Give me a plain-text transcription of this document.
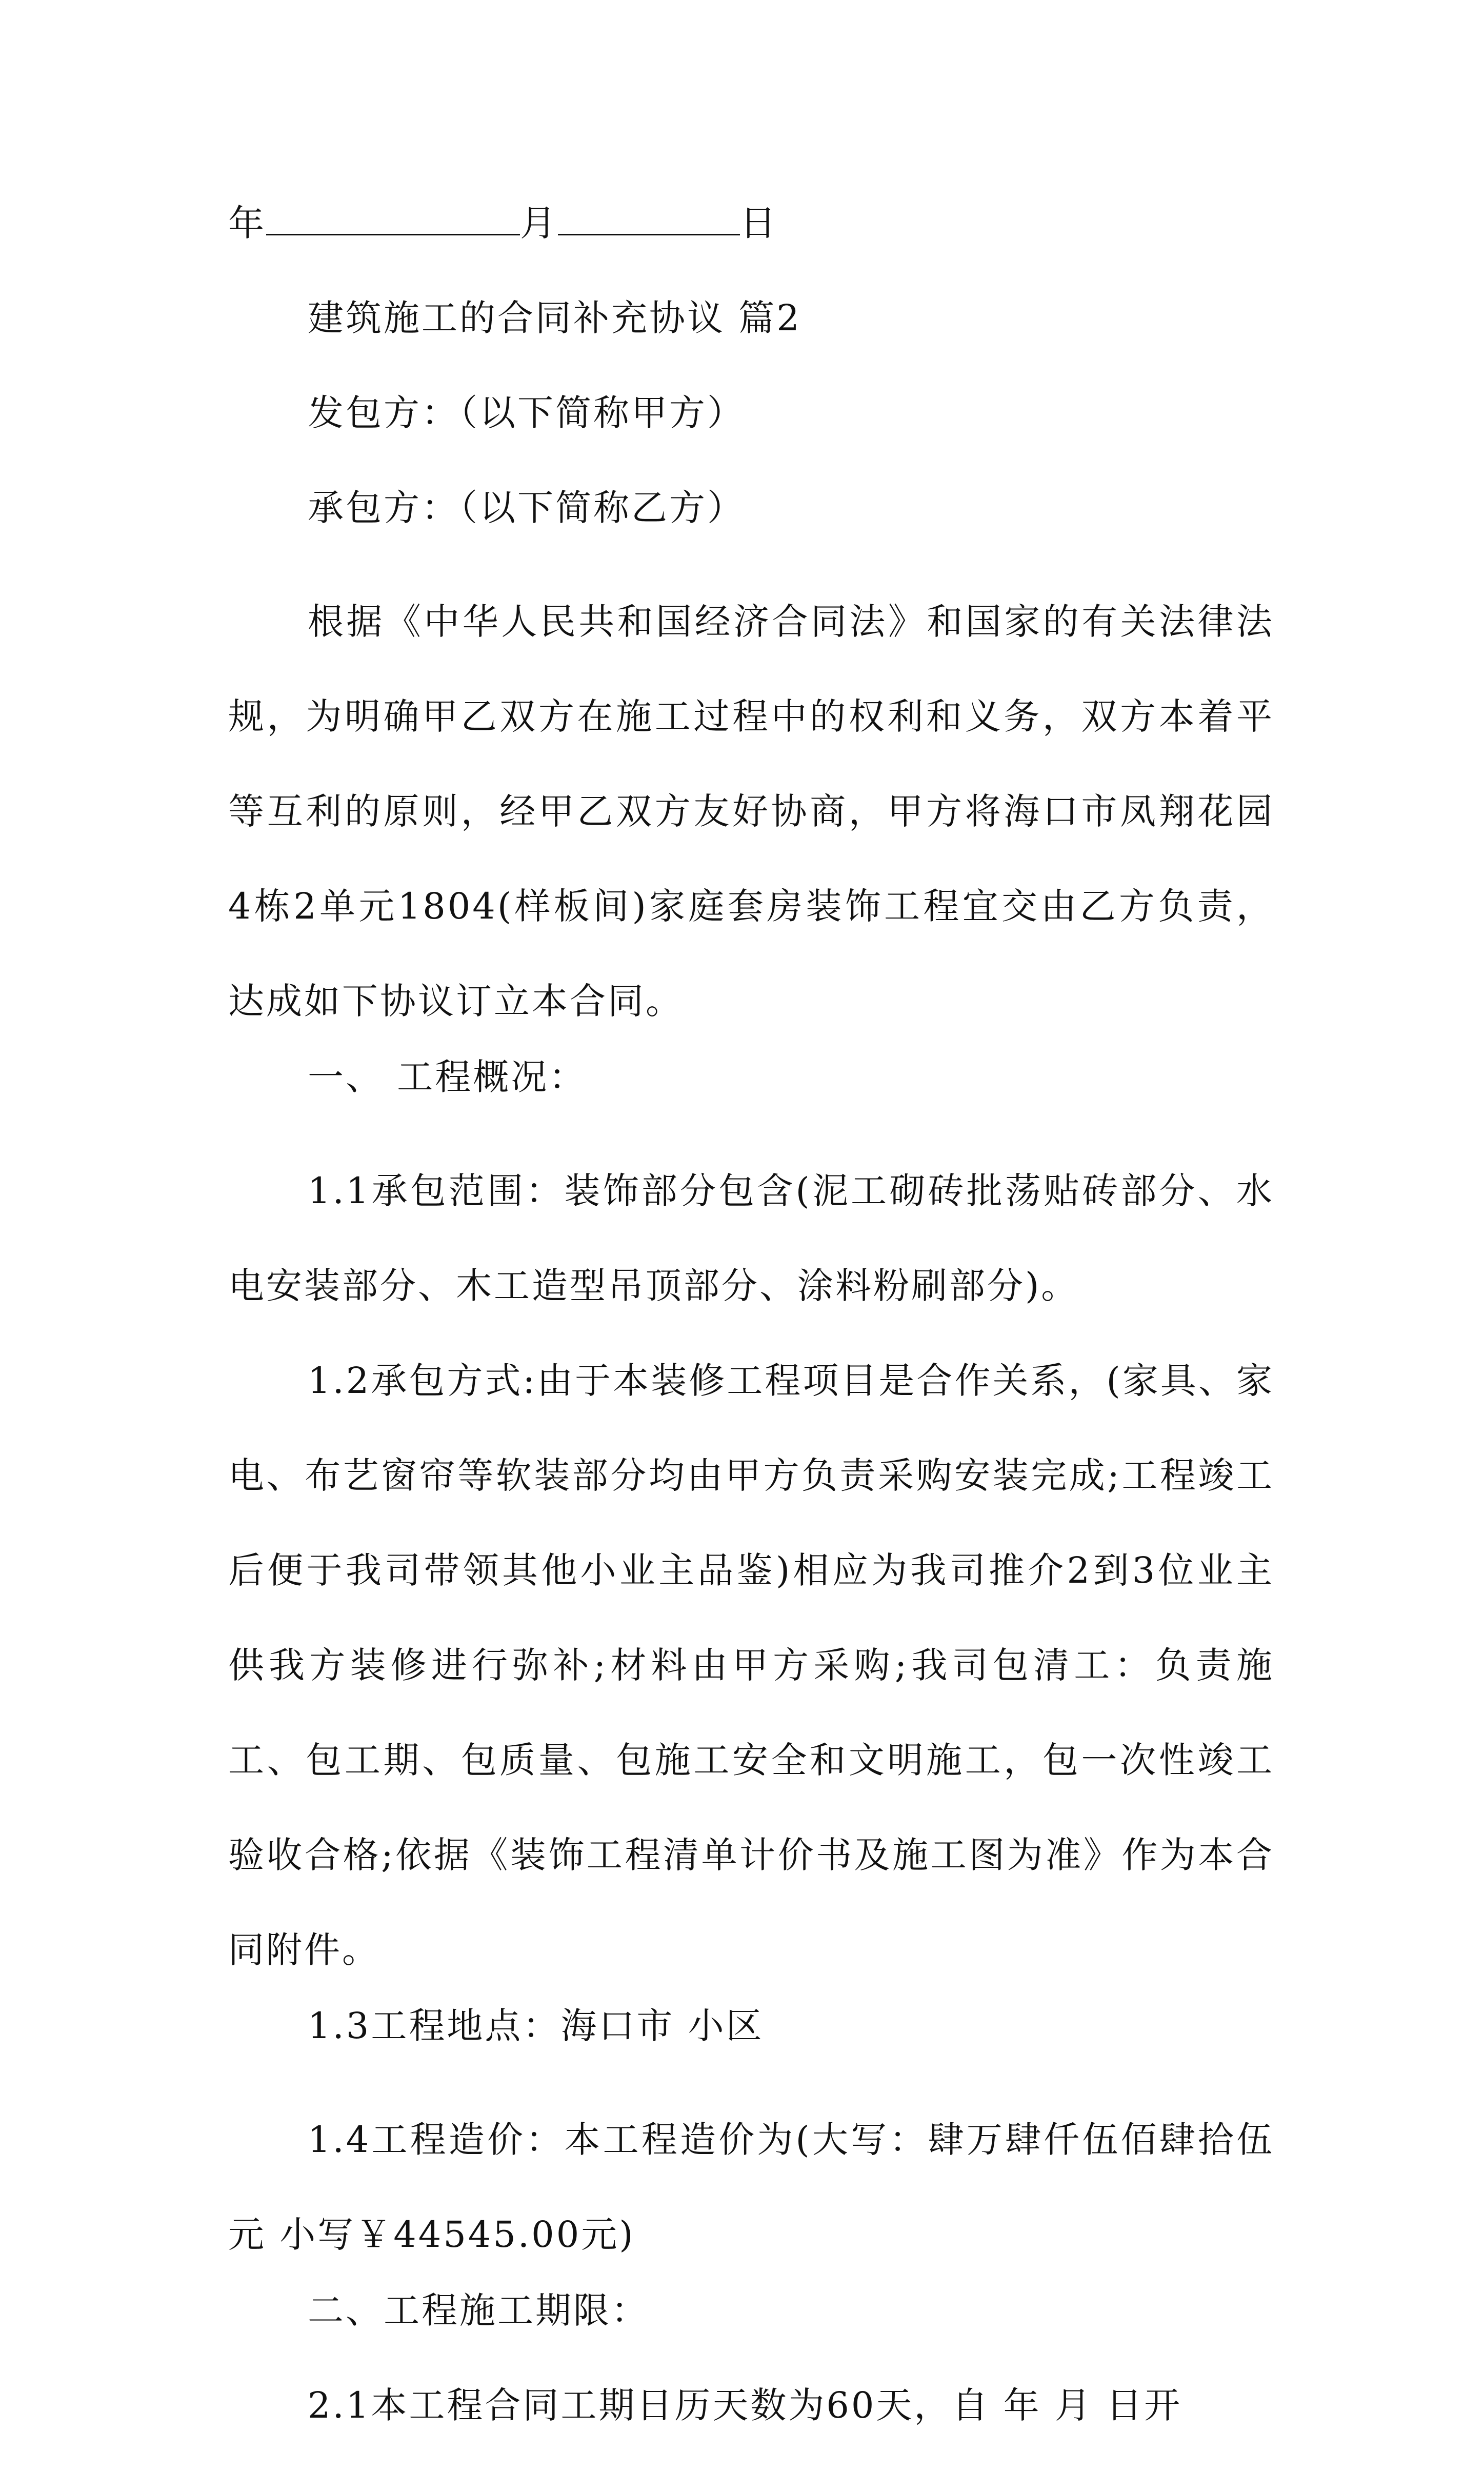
年	月	日
建筑施工的合同补充协议 篇2
发包方：（以下简称甲方）
承包方：（以下简称乙方）
根据《中华人民共和国经济合同法》和国家的有关法律法规，为明确甲乙双方在施工过程中的权利和义务，双方本着平等互利的原则，经甲乙双方友好协商，甲方将海口市凤翔花园4栋2单元1804(样板间)家庭套房装饰工程宜交由乙方负责，达成如下协议订立本合同。
一、 工程概况：
1.1承包范围：装饰部分包含(泥工砌砖批荡贴砖部分、水电安装部分、木工造型吊顶部分、涂料粉刷部分)。
1.2承包方式:由于本装修工程项目是合作关系，(家具、家电、布艺窗帘等软装部分均由甲方负责采购安装完成;工程竣工后便于我司带领其他小业主品鉴)相应为我司推介2到3位业主供我方装修进行弥补;材料由甲方采购;我司包清工：负责施工、包工期、包质量、包施工安全和文明施工，包一次性竣工验收合格;依据《装饰工程清单计价书及施工图为准》作为本合同附件。
1.3工程地点：海口市 小区
1.4工程造价：本工程造价为(大写：肆万肆仟伍佰肆拾伍元 小写￥44545.00元)
二、工程施工期限：
2.1本工程合同工期日历天数为60天，自 年 月 日开
